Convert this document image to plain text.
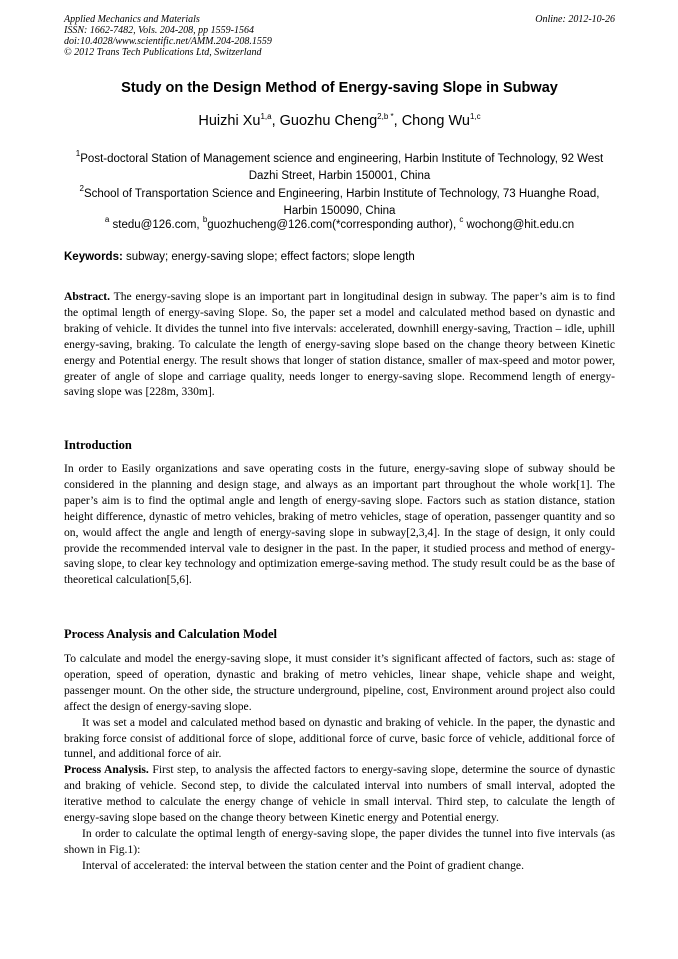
Applied Mechanics and Materials
ISSN: 1662-7482, Vols. 204-208, pp 1559-1564
doi:10.4028/www.scientific.net/AMM.204-208.1559
© 2012 Trans Tech Publications Ltd, Switzerland
Online: 2012-10-26
Study on the Design Method of Energy-saving Slope in Subway
Huizhi Xu$^{1,a}$, Guozhu Cheng$^{2,b *}$, Chong Wu$^{1,c}$
$^1$Post-doctoral Station of Management science and engineering, Harbin Institute of Technology, 92 West Dazhi Street, Harbin 150001, China
$^2$School of Transportation Science and Engineering, Harbin Institute of Technology, 73 Huanghe Road, Harbin 150090, China
$^a$ stedu@126.com, $^b$guozhucheng@126.com(*corresponding author), $^c$ wochong@hit.edu.cn
Keywords: subway; energy-saving slope; effect factors; slope length

Abstract. The energy-saving slope is an important part in longitudinal design in subway. The paper’s aim is to find the optimal length of energy-saving Slope. So, the paper set a model and calculated method based on dynastic and braking of vehicle. It divides the tunnel into five intervals: accelerated, downhill energy-saving, Traction – idle, uphill energy-saving, braking. To calculate the length of energy-saving slope based on the change theory between Kinetic energy and Potential energy. The result shows that longer of station distance, smaller of max-speed and motor power, greater of angle of slope and carriage quality, needs longer to energy-saving slope. Recommend length of energy-saving slope was [228m, 330m].

Introduction

In order to Easily organizations and save operating costs in the future, energy-saving slope of subway should be considered in the planning and design stage, and always as an important part throughout the whole work[1]. The paper’s aim is to find the optimal angle and length of energy-saving slope. Factors such as station distance, station height difference, dynastic of metro vehicles, braking of metro vehicles, stage of operation, passenger quantity and so on, would affect the angle and length of energy-saving slope in subway[2,3,4]. In the stage of design, it only could provide the recommended interval vale to designer in the past. In the paper, it studied process and method of energy-saving slope, to clear key technology and optimization emerge-saving method. The study result could be as the base of theoretical calculation[5,6].

Process Analysis and Calculation Model

To calculate and model the energy-saving slope, it must consider it’s significant affected of factors, such as: stage of operation, speed of operation, dynastic and braking of metro vehicles, linear shape, vehicle shape and weight, passenger mount. On the other side, the structure underground, pipeline, cost, Environment around project also could affect the design of energy-saving slope.

It was set a model and calculated method based on dynastic and braking of vehicle. In the paper, the dynastic and braking force consist of additional force of slope, additional force of curve, basic force of vehicle, additional force of tunnel, and additional force of air.

Process Analysis. First step, to analysis the affected factors to energy-saving slope, determine the source of dynastic and braking of vehicle. Second step, to divide the calculated interval into numbers of small interval, adopted the iterative method to calculate the energy change of vehicle in small interval. Third step, to calculate the length of energy-saving slope based on the change theory between Kinetic energy and Potential energy.

In order to calculate the optimal length of energy-saving slope, the paper divides the tunnel into five intervals (as shown in Fig.1):

Interval of accelerated: the interval between the station center and the Point of gradient change.
